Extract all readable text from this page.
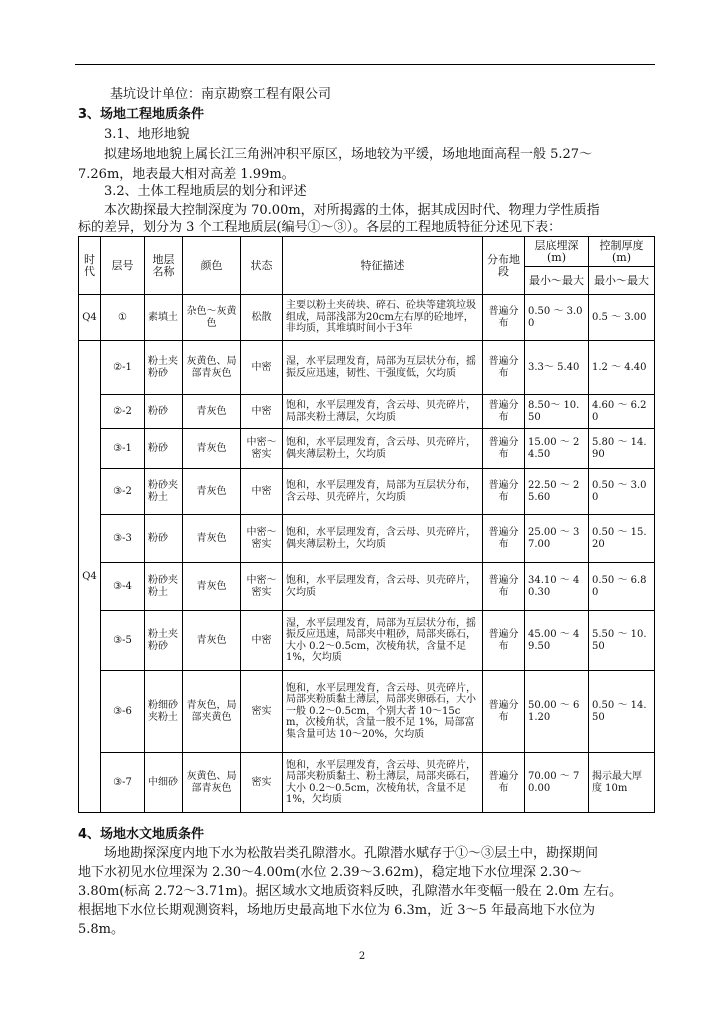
基坑设计单位：南京勘察工程有限公司
3、场地工程地质条件
3.1、地形地貌
拟建场地地貌上属长江三角洲冲积平原区，场地较为平缓，场地地面高程一般 5.27～
7.26m，地表最大相对高差 1.99m。
3.2、土体工程地质层的划分和评述
本次勘探最大控制深度为 70.00m，对所揭露的土体，据其成因时代、物理力学性质指
标的差异，划分为 3 个工程地质层(编号①～③）。各层的工程地质特征分述见下表：
时代	层号	地层名称	颜色	状态	特征描述	分布地段	层底埋深(m)	控制厚度(m)
							最小～最大	最小～最大
Q4	①	素填土	杂色～灰黄色	松散	主要以粉土夹砖块、碎石、砼块等建筑垃圾组成，局部浅部为20cm左右厚的砼地坪，非均质，其堆填时间小于3年	普遍分布	0.50 ～ 3.00	0.5 ～ 3.00
Q4	②-1	粉土夹粉砂	灰黄色、局部青灰色	中密	湿，水平层理发育，局部为互层状分布，摇振反应迅速，韧性、干强度低，欠均质	普遍分布	3.3～ 5.40	1.2 ～ 4.40
	②-2	粉砂	青灰色	中密	饱和，水平层理发育，含云母、贝壳碎片，局部夹粉土薄层，欠均质	普遍分布	8.50～ 10.50	4.60 ～ 6.20
	③-1	粉砂	青灰色	中密～密实	饱和，水平层理发育，含云母、贝壳碎片，偶夹薄层粉土，欠均质	普遍分布	15.00 ～ 24.50	5.80 ～ 14.90
	③-2	粉砂夹粉土	青灰色	中密	饱和，水平层理发育，局部为互层状分布，含云母、贝壳碎片，欠均质	普遍分布	22.50 ～ 25.60	0.50 ～ 3.00
	③-3	粉砂	青灰色	中密～密实	饱和，水平层理发育，含云母、贝壳碎片，偶夹薄层粉土，欠均质	普遍分布	25.00 ～ 37.00	0.50 ～ 15.20
	③-4	粉砂夹粉土	青灰色	中密～密实	饱和，水平层理发育，含云母、贝壳碎片，欠均质	普遍分布	34.10 ～ 40.30	0.50 ～ 6.80
	③-5	粉土夹粉砂	青灰色	中密	湿，水平层理发育，局部为互层状分布，摇振反应迅速，局部夹中粗砂，局部夹砾石，大小 0.2～0.5cm，次棱角状，含量不足 1%，欠均质	普遍分布	45.00 ～ 49.50	5.50 ～ 10.50
	③-6	粉细砂夹粉土	青灰色，局部夹黄色	密实	饱和，水平层理发育，含云母、贝壳碎片，局部夹粉质黏土薄层，局部夹卵砾石，大小一般 0.2～0.5cm，个别大者 10～15cm，次棱角状，含量一般不足 1%，局部富集含量可达 10～20%，欠均质	普遍分布	50.00 ～ 61.20	0.50 ～ 14.50
	③-7	中细砂	灰黄色、局部青灰色	密实	饱和，水平层理发育，含云母、贝壳碎片，局部夹粉质黏土、粉土薄层，局部夹砾石，大小 0.2～0.5cm，次棱角状，含量不足 1%，欠均质	普遍分布	70.00 ～ 70.00	揭示最大厚度 10m
4、场地水文地质条件
场地勘探深度内地下水为松散岩类孔隙潜水。孔隙潜水赋存于①～③层土中，勘探期间
地下水初见水位埋深为 2.30～4.00m(水位 2.39～3.62m)，稳定地下水位埋深 2.30～
3.80m(标高 2.72～3.71m)。据区域水文地质资料反映，孔隙潜水年变幅一般在 2.0m 左右。
根据地下水位长期观测资料，场地历史最高地下水位为 6.3m，近 3～5 年最高地下水位为
5.8m。
2
